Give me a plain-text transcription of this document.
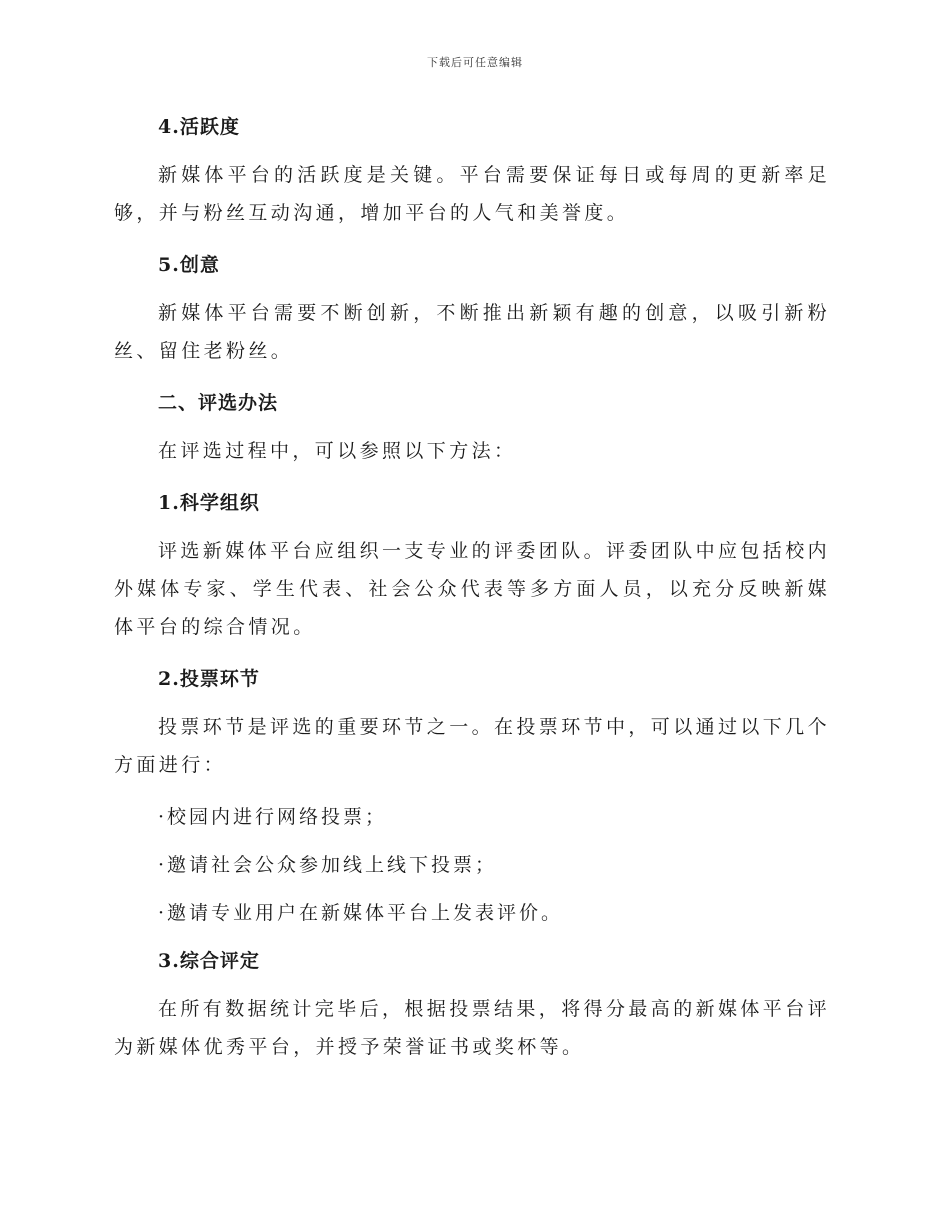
下载后可任意编辑
4.活跃度

新媒体平台的活跃度是关键。平台需要保证每日或每周的更新率足够，并与粉丝互动沟通，增加平台的人气和美誉度。

5.创意

新媒体平台需要不断创新，不断推出新颖有趣的创意，以吸引新粉丝、留住老粉丝。

二、评选办法

在评选过程中，可以参照以下方法：

1.科学组织

评选新媒体平台应组织一支专业的评委团队。评委团队中应包括校内外媒体专家、学生代表、社会公众代表等多方面人员，以充分反映新媒体平台的综合情况。

2.投票环节

投票环节是评选的重要环节之一。在投票环节中，可以通过以下几个方面进行：

·校园内进行网络投票；
·邀请社会公众参加线上线下投票；
·邀请专业用户在新媒体平台上发表评价。
3.综合评定

在所有数据统计完毕后，根据投票结果，将得分最高的新媒体平台评为新媒体优秀平台，并授予荣誉证书或奖杯等。
